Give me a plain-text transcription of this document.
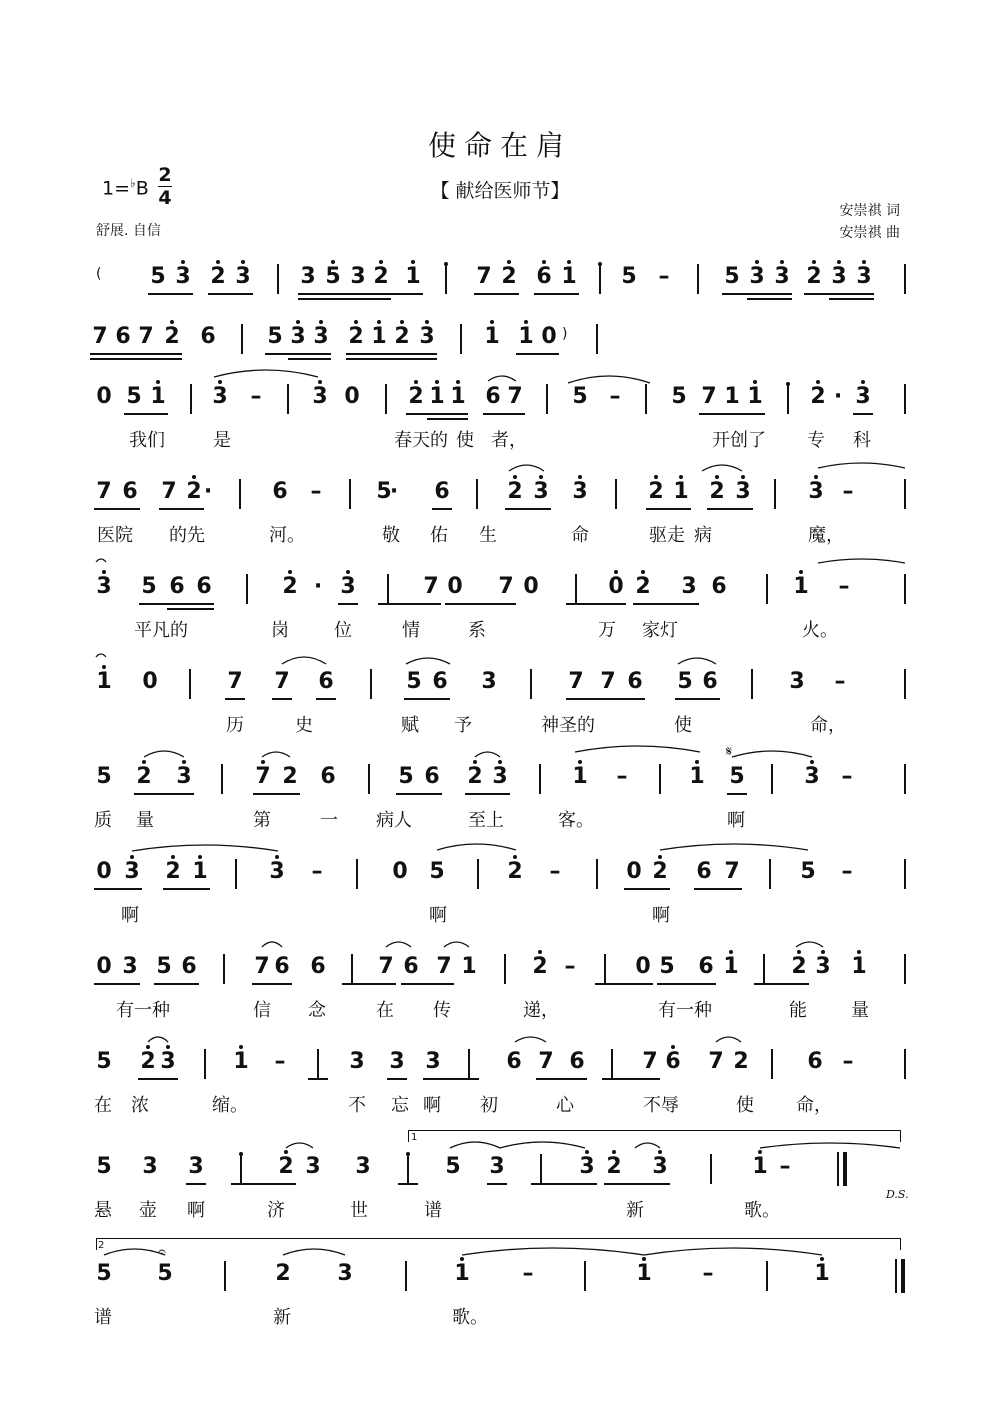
使命在肩
【 献给医师节】
1=♭B
2
4
舒展. 自信
安崇祺 词
安崇祺 曲
5 3 2 3 3 5 3 2 1	7 2 6 1 5 – 5 3 3 2 3 3
7 6 7 2 6 5 3 3 2 1 2 3 1 1 0
0 5 1 3 – 3 0 2 1 1 6 7 5 – 5 7 1 1 2 · 3
我们	是	春天的 使 者，	开创了 专 科
7 6 7 2 ·	6 – 5
· 6	2 3 3	2 1 2 3	3 –
医院 的先	河。	敬 佑 生	命	驱走 病	魔，
3 5 6 6	2 · 3	7 0 7 0	0 2 3 6	1 –
平凡的	岗	位	情	系	万 家灯	火。
1 0	7 7 6	5 6 3	7 7 6 5 6	3 –
历	史	赋 予	神圣的	使	命，
5 2 3	7 2 6	5 6 2 3	1 –	1 5	3 –
质 量	第	一 病人	至上	客。	啊
0 3 2 1	3 –	0 5	2 –	0 2 6 7	5 –
啊	啊	啊
0 3 5 6	7 6 6 7 6 7 1	2 –	0 5 6 1 2 3 1
有一种	信 念	在 传	递，	有一种	能 量
5 2 3	1 –	3 3 3	6 7 6	7 6 7 2	6 –
在 浓	缩。	不 忘 啊 初	心	不辱	使 命，
5 3 3	2 3 3	5 3	3 2 3	1 –
悬 壶 啊	济	世	谱	新	歌。
5 5	2 3	1 –	1 –	1
谱	新	歌。
(
)
𝄋
D.S.
1
2	𝄐
